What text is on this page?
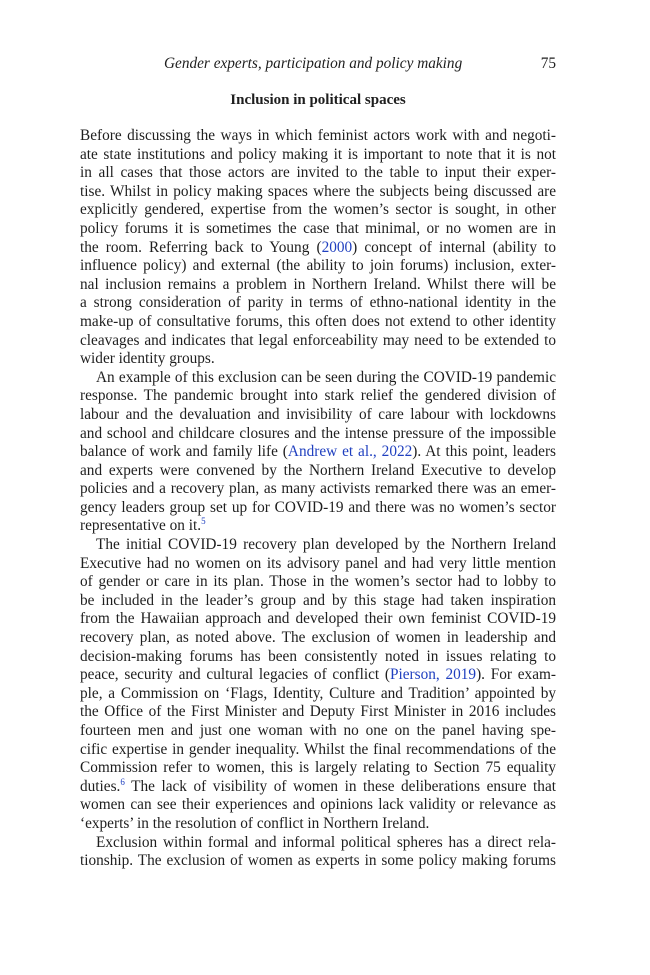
Gender experts, participation and policy making	75
Inclusion in political spaces

Before discussing the ways in which feminist actors work with and negoti-
ate state institutions and policy making it is important to note that it is not
in all cases that those actors are invited to the table to input their exper-
tise. Whilst in policy making spaces where the subjects being discussed are
explicitly gendered, expertise from the women’s sector is sought, in other
policy forums it is sometimes the case that minimal, or no women are in
the room. Referring back to Young (2000) concept of internal (ability to
influence policy) and external (the ability to join forums) inclusion, exter-
nal inclusion remains a problem in Northern Ireland. Whilst there will be
a strong consideration of parity in terms of ethno-national identity in the
make-up of consultative forums, this often does not extend to other identity
cleavages and indicates that legal enforceability may need to be extended to
wider identity groups.

An example of this exclusion can be seen during the COVID-19 pandemic
response. The pandemic brought into stark relief the gendered division of
labour and the devaluation and invisibility of care labour with lockdowns
and school and childcare closures and the intense pressure of the impossible
balance of work and family life (Andrew et al., 2022). At this point, leaders
and experts were convened by the Northern Ireland Executive to develop
policies and a recovery plan, as many activists remarked there was an emer-
gency leaders group set up for COVID-19 and there was no women’s sector
representative on it.$^5$

The initial COVID-19 recovery plan developed by the Northern Ireland
Executive had no women on its advisory panel and had very little mention
of gender or care in its plan. Those in the women’s sector had to lobby to
be included in the leader’s group and by this stage had taken inspiration
from the Hawaiian approach and developed their own feminist COVID-19
recovery plan, as noted above. The exclusion of women in leadership and
decision-making forums has been consistently noted in issues relating to
peace, security and cultural legacies of conflict (Pierson, 2019). For exam-
ple, a Commission on ‘Flags, Identity, Culture and Tradition’ appointed by
the Office of the First Minister and Deputy First Minister in 2016 includes
fourteen men and just one woman with no one on the panel having spe-
cific expertise in gender inequality. Whilst the final recommendations of the
Commission refer to women, this is largely relating to Section 75 equality
duties.$^6$ The lack of visibility of women in these deliberations ensure that
women can see their experiences and opinions lack validity or relevance as
‘experts’ in the resolution of conflict in Northern Ireland.

Exclusion within formal and informal political spheres has a direct rela-
tionship. The exclusion of women as experts in some policy making forums
